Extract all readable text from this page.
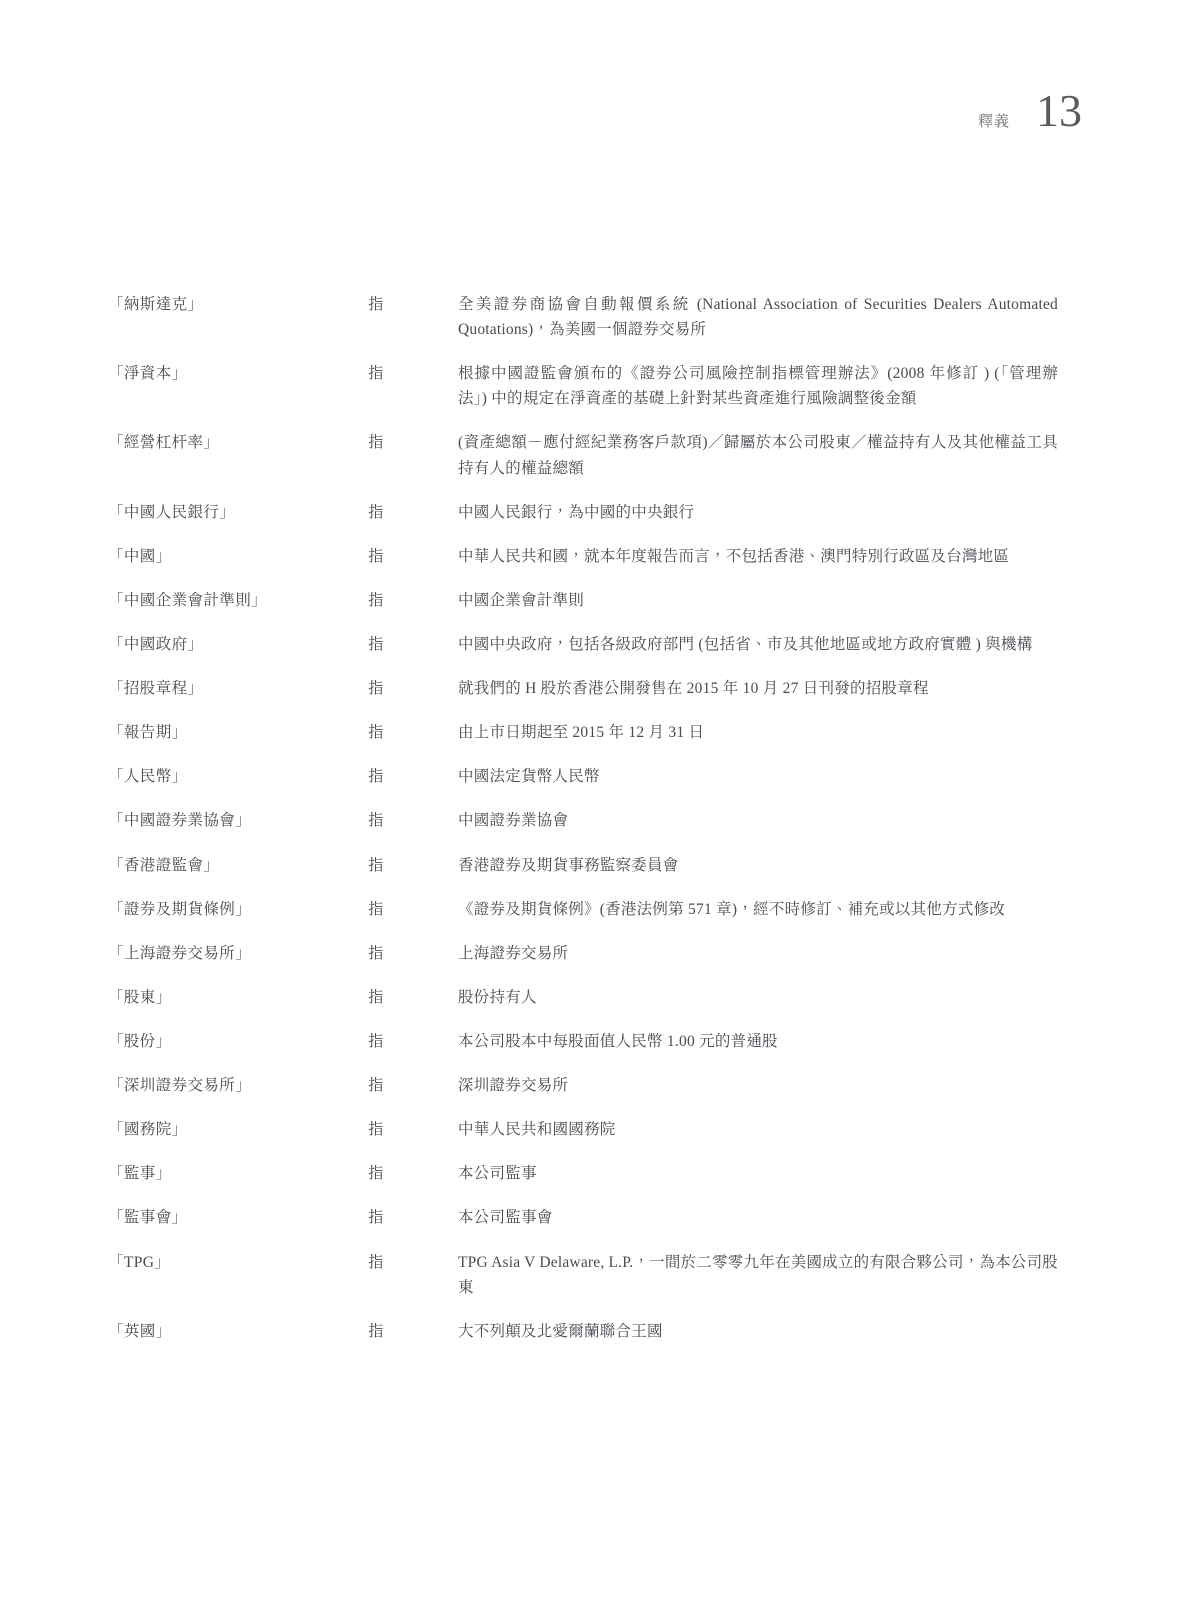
釋義 13
「納斯達克」	指	全美證券商協會自動報價系統 (National Association of Securities Dealers Automated Quotations)，為美國一個證券交易所
「淨資本」	指	根據中國證監會頒布的《證券公司風險控制指標管理辦法》(2008 年修訂 ) (「管理辦法」) 中的規定在淨資產的基礎上針對某些資產進行風險調整後金額
「經營杠杆率」	指	(資產總額－應付經紀業務客戶款項)／歸屬於本公司股東／權益持有人及其他權益工具持有人的權益總額
「中國人民銀行」	指	中國人民銀行，為中國的中央銀行
「中國」	指	中華人民共和國，就本年度報告而言，不包括香港、澳門特別行政區及台灣地區
「中國企業會計準則」	指	中國企業會計準則
「中國政府」	指	中國中央政府，包括各級政府部門 (包括省、市及其他地區或地方政府實體 ) 與機構
「招股章程」	指	就我們的 H 股於香港公開發售在 2015 年 10 月 27 日刊發的招股章程
「報告期」	指	由上市日期起至 2015 年 12 月 31 日
「人民幣」	指	中國法定貨幣人民幣
「中國證券業協會」	指	中國證券業協會
「香港證監會」	指	香港證券及期貨事務監察委員會
「證券及期貨條例」	指	《證券及期貨條例》(香港法例第 571 章)，經不時修訂、補充或以其他方式修改
「上海證券交易所」	指	上海證券交易所
「股東」	指	股份持有人
「股份」	指	本公司股本中每股面值人民幣 1.00 元的普通股
「深圳證券交易所」	指	深圳證券交易所
「國務院」	指	中華人民共和國國務院
「監事」	指	本公司監事
「監事會」	指	本公司監事會
「TPG」	指	TPG Asia V Delaware, L.P.，一間於二零零九年在美國成立的有限合夥公司，為本公司股東
「英國」	指	大不列顛及北愛爾蘭聯合王國
